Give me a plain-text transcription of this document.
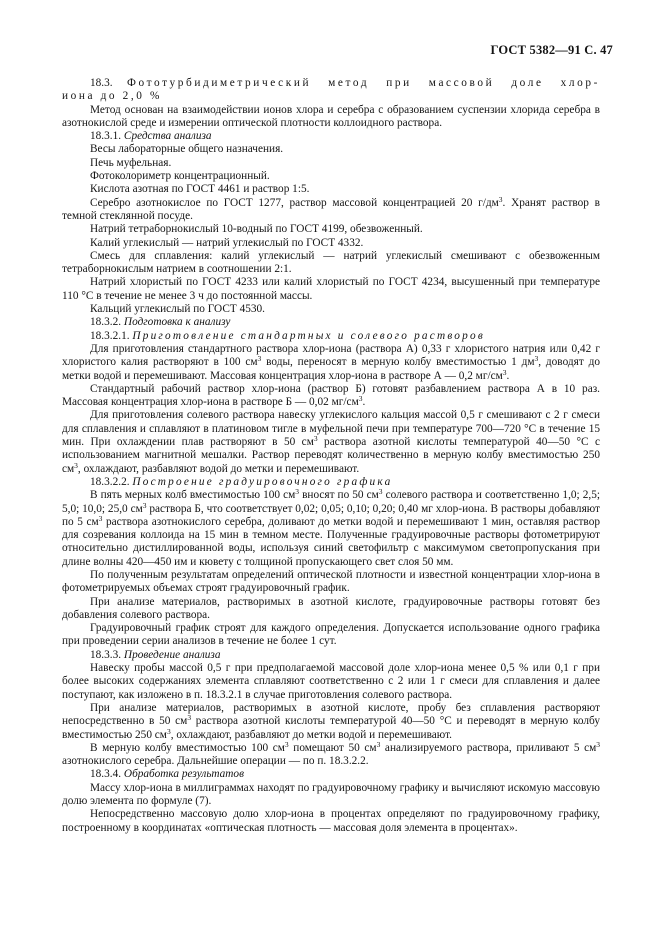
ГОСТ 5382—91 С. 47

18.3. Фототурбидиметрический метод при массовой доле хлор-

иона до 2,0 %

Метод основан на взаимодействии ионов хлора и серебра с образованием суспензии хлорида серебра в азотнокислой среде и измерении оптической плотности коллоидного раствора.

18.3.1. Средства анализа

Весы лабораторные общего назначения.

Печь муфельная.

Фотоколориметр концентрационный.

Кислота азотная по ГОСТ 4461 и раствор 1:5.

Серебро азотнокислое по ГОСТ 1277, раствор массовой концентрацией 20 $г/дм^3$. Хранят раствор в темной стеклянной посуде.

Натрий тетраборнокислый 10-водный по ГОСТ 4199, обезвоженный.

Калий углекислый — натрий углекислый по ГОСТ 4332.

Смесь для сплавления: калий углекислый — натрий углекислый смешивают с обезвоженным тетраборнокислым натрием в соотношении 2:1.

Натрий хлористый по ГОСТ 4233 или калий хлористый по ГОСТ 4234, высушенный при температуре 110 °С в течение не менее 3 ч до постоянной массы.

Кальций углекислый по ГОСТ 4530.

18.3.2. Подготовка к анализу

18.3.2.1. Приготовление стандартных и солевого растворов

Для приготовления стандартного раствора хлор-иона (раствора А) 0,33 г хлористого натрия или 0,42 г хлористого калия растворяют в 100 $см^3$ воды, переносят в мерную колбу вместимостью 1 $дм^3$, доводят до метки водой и перемешивают. Массовая концентрация хлор-иона в растворе А — 0,2 $мг/см^3$.

Стандартный рабочий раствор хлор-иона (раствор Б) готовят разбавлением раствора А в 10 раз. Массовая концентрация хлор-иона в растворе Б — 0,02 $мг/см^3$.

Для приготовления солевого раствора навеску углекислого кальция массой 0,5 г смешивают с 2 г смеси для сплавления и сплавляют в платиновом тигле в муфельной печи при температуре 700—720 °С в течение 15 мин. При охлаждении плав растворяют в 50 $см^3$ раствора азотной кислоты температурой 40—50 °С с использованием магнитной мешалки. Раствор переводят количественно в мерную колбу вместимостью 250 $см^3$, охлаждают, разбавляют водой до метки и перемешивают.

18.3.2.2. Построение градуировочного графика

В пять мерных колб вместимостью 100 $см^3$ вносят по 50 $см^3$ солевого раствора и соответственно 1,0; 2,5; 5,0; 10,0; 25,0 $см^3$ раствора Б, что соответствует 0,02; 0,05; 0,10; 0,20; 0,40 мг хлор-иона. В растворы добавляют по 5 $см^3$ раствора азотнокислого серебра, доливают до метки водой и перемешивают 1 мин, оставляя раствор для созревания коллоида на 15 мин в темном месте. Полученные градуировочные растворы фотометрируют относительно дистиллированной воды, используя синий светофильтр с максимумом светопропускания при длине волны 420—450 им и кювету с толщиной пропускающего свет слоя 50 мм.

По полученным результатам определений оптической плотности и известной концентрации хлор-иона в фотометрируемых объемах строят градуировочный график.

При анализе материалов, растворимых в азотной кислоте, градуировочные растворы готовят без добавления солевого раствора.

Градуировочный график строят для каждого определения. Допускается использование одного графика при проведении серии анализов в течение не более 1 сут.

18.3.3. Проведение анализа

Навеску пробы массой 0,5 г при предполагаемой массовой доле хлор-иона менее 0,5 % или 0,1 г при более высоких содержаниях элемента сплавляют соответственно с 2 или 1 г смеси для сплавления и далее поступают, как изложено в п. 18.3.2.1 в случае приготовления солевого раствора.

При анализе материалов, растворимых в азотной кислоте, пробу без сплавления растворяют непосредственно в 50 $см^3$ раствора азотной кислоты температурой 40—50 °С и переводят в мерную колбу вместимостью 250 $см^3$, охлаждают, разбавляют до метки водой и перемешивают.

В мерную колбу вместимостью 100 $см^3$ помещают 50 $см^3$ анализируемого раствора, приливают 5 $см^3$ азотнокислого серебра. Дальнейшие операции — по п. 18.3.2.2.

18.3.4. Обработка результатов

Массу хлор-иона в миллиграммах находят по градуировочному графику и вычисляют искомую массовую долю элемента по формуле (7).

Непосредственно массовую долю хлор-иона в процентах определяют по градуировочному графику, построенному в координатах «оптическая плотность — массовая доля элемента в процентах».
